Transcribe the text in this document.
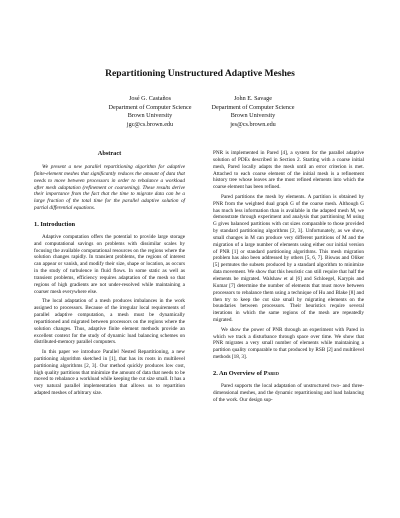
Repartitioning Unstructured Adaptive Meshes
José G. Castaños
Department of Computer Science
Brown University
jgc@cs.brown.edu
John E. Savage
Department of Computer Science
Brown University
jes@cs.brown.edu
Abstract

We present a new parallel repartitioning algorithm for adaptive finite-element meshes that significantly reduces the amount of data that needs to move between processors in order to rebalance a workload after mesh adaptation (refinement or coarsening). These results derive their importance from the fact that the time to migrate data can be a large fraction of the total time for the parallel adaptive solution of partial differential equations.

1. Introduction

Adaptive computation offers the potential to provide large storage and computational savings on problems with dissimilar scales by focusing the available computational resources on the regions where the solution changes rapidly. In transient problems, the regions of interest can appear or vanish, and modify their size, shape or location, as occurs in the study of turbulence in fluid flows. In some static as well as transient problems, efficiency requires adaptation of the mesh so that regions of high gradients are not under-resolved while maintaining a coarser mesh everywhere else.

The local adaptation of a mesh produces imbalances in the work assigned to processors. Because of the irregular local requirements of parallel adaptive computation, a mesh must be dynamically repartitioned and migrated between processors on the regions where the solution changes. Thus, adaptive finite element methods provide an excellent context for the study of dynamic load balancing schemes on distributed-memory parallel computers.

In this paper we introduce Parallel Nested Repartitioning, a new partitioning algorithm sketched in [1], that has its roots in multilevel partitioning algorithms [2, 3]. Our method quickly produces low cost, high quality partitions that minimize the amount of data that needs to be moved to rebalance a workload while keeping the cut size small. It has a very natural parallel implementation that allows us to repartition adapted meshes of arbitrary size.

PNR is implemented in Pared [4], a system for the parallel adaptive solution of PDEs described in Section 2. Starting with a coarse initial mesh, Pared locally adapts the mesh until an error criterion is met. Attached to each coarse element of the initial mesh is a refinement history tree whose leaves are the most refined elements into which the coarse element has been refined.

Pared partitions the mesh by elements. A partition is obtained by PNR from the weighted dual graph G of the coarse mesh. Although G has much less information than is available in the adapted mesh M, we demonstrate through experiment and analysis that partitioning M using G gives balanced partitions with cut sizes comparable to those provided by standard partitioning algorithms [2, 3]. Unfortunately, as we show, small changes in M can produce very different partitions of M and the migration of a large number of elements using either our initial version of PNR [1] or standard partitioning algorithms. This mesh migration problem has also been addressed by others [5, 6, 7]. Biswas and Oliker [5] permutes the subsets produced by a standard algorithm to minimize data movement. We show that this heuristic can still require that half the elements be migrated. Walshaw et al [6] and Schloegel, Karypis and Kumar [7] determine the number of elements that must move between processors to rebalance them using a technique of Hu and Blake [8] and then try to keep the cut size small by migrating elements on the boundaries between processors. Their heuristics require several iterations in which the same regions of the mesh are repeatedly migrated.

We show the power of PNR through an experiment with Pared in which we track a disturbance through space over time. We show that PNR migrates a very small number of elements while maintaining a partition quality comparable to that produced by RSB [2] and multilevel methods [18, 3].

2. An Overview of Pared

Pared supports the local adaptation of unstructured two- and three-dimensional meshes, and the dynamic repartitioning and load balancing of the work. Our design sup-
